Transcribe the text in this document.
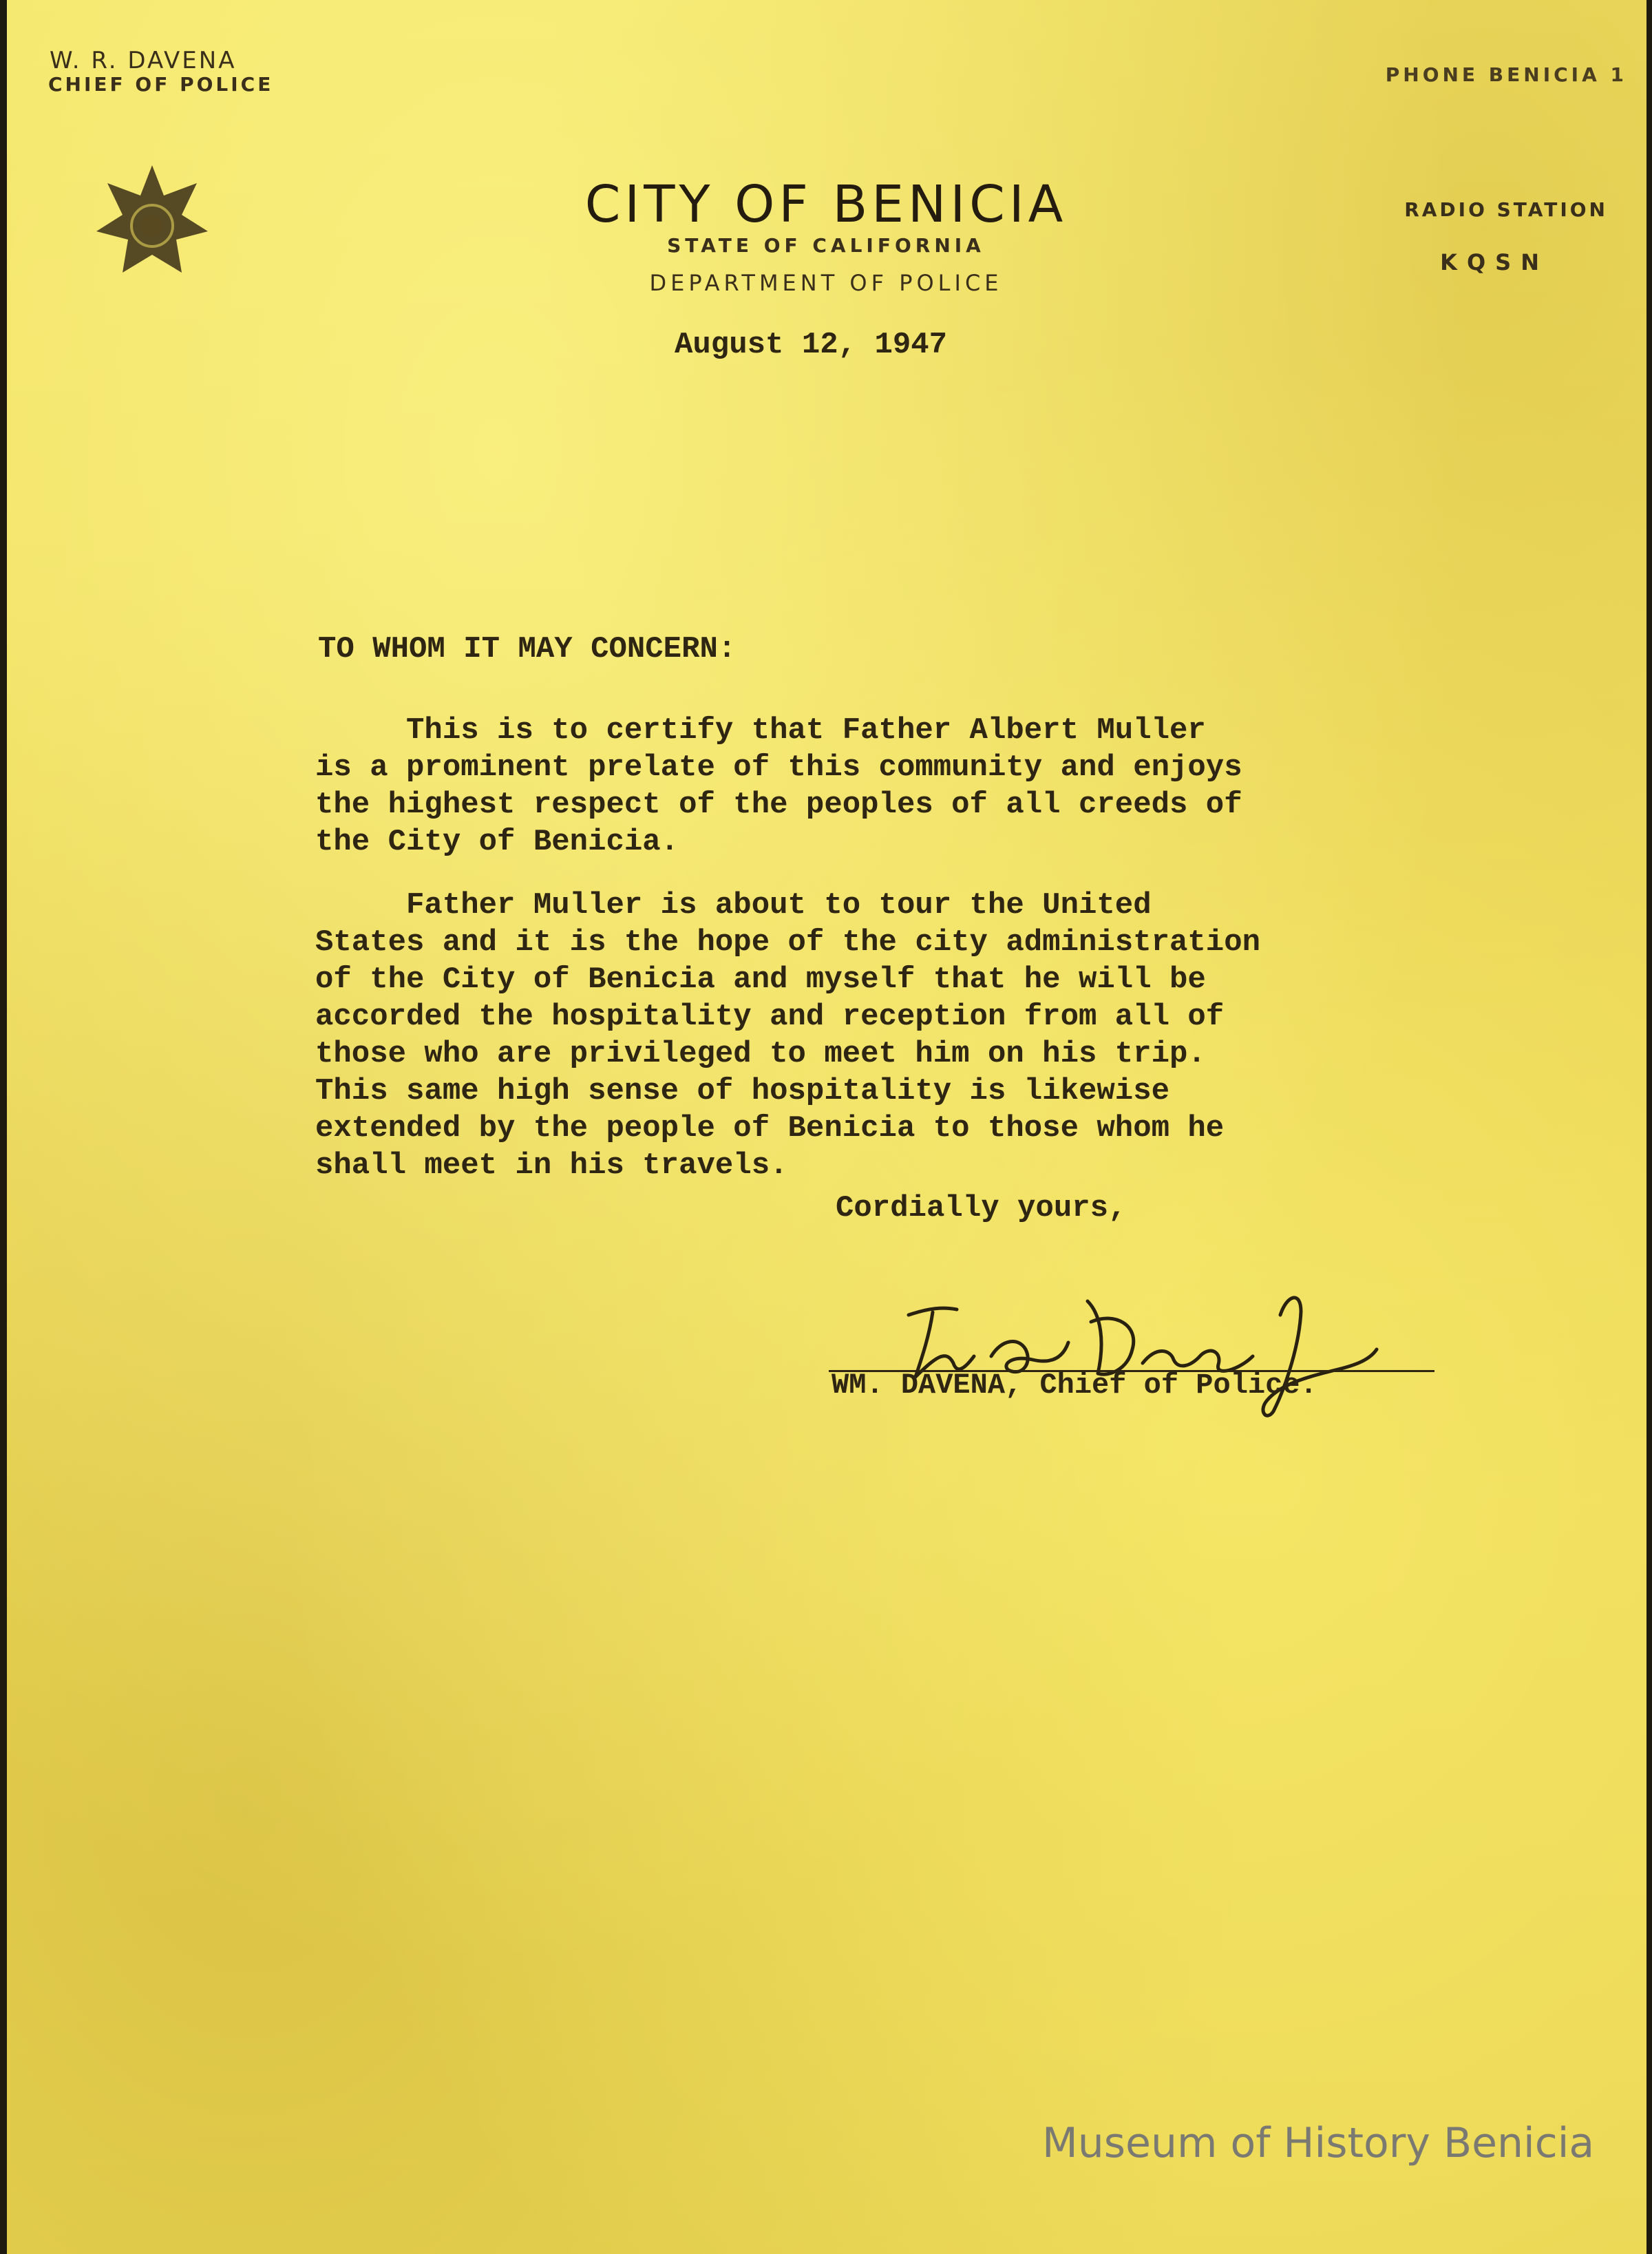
W. R. DAVENA
CHIEF OF POLICE	PHONE BENICIA 1
CITY OF BENICIA
STATE OF CALIFORNIA
DEPARTMENT OF POLICE
RADIO STATION
KQSN
August 12, 1947
TO WHOM IT MAY CONCERN:
This is to certify that Father Albert Muller
is a prominent prelate of this community and enjoys
the highest respect of the peoples of all creeds of
the City of Benicia.
Father Muller is about to tour the United
States and it is the hope of the city administration
of the City of Benicia and myself that he will be
accorded the hospitality and reception from all of
those who are privileged to meet him on his trip.
This same high sense of hospitality is likewise
extended by the people of Benicia to those whom he
shall meet in his travels.
Cordially yours,
WM. DAVENA, Chief of Police.
Museum of History Benicia
